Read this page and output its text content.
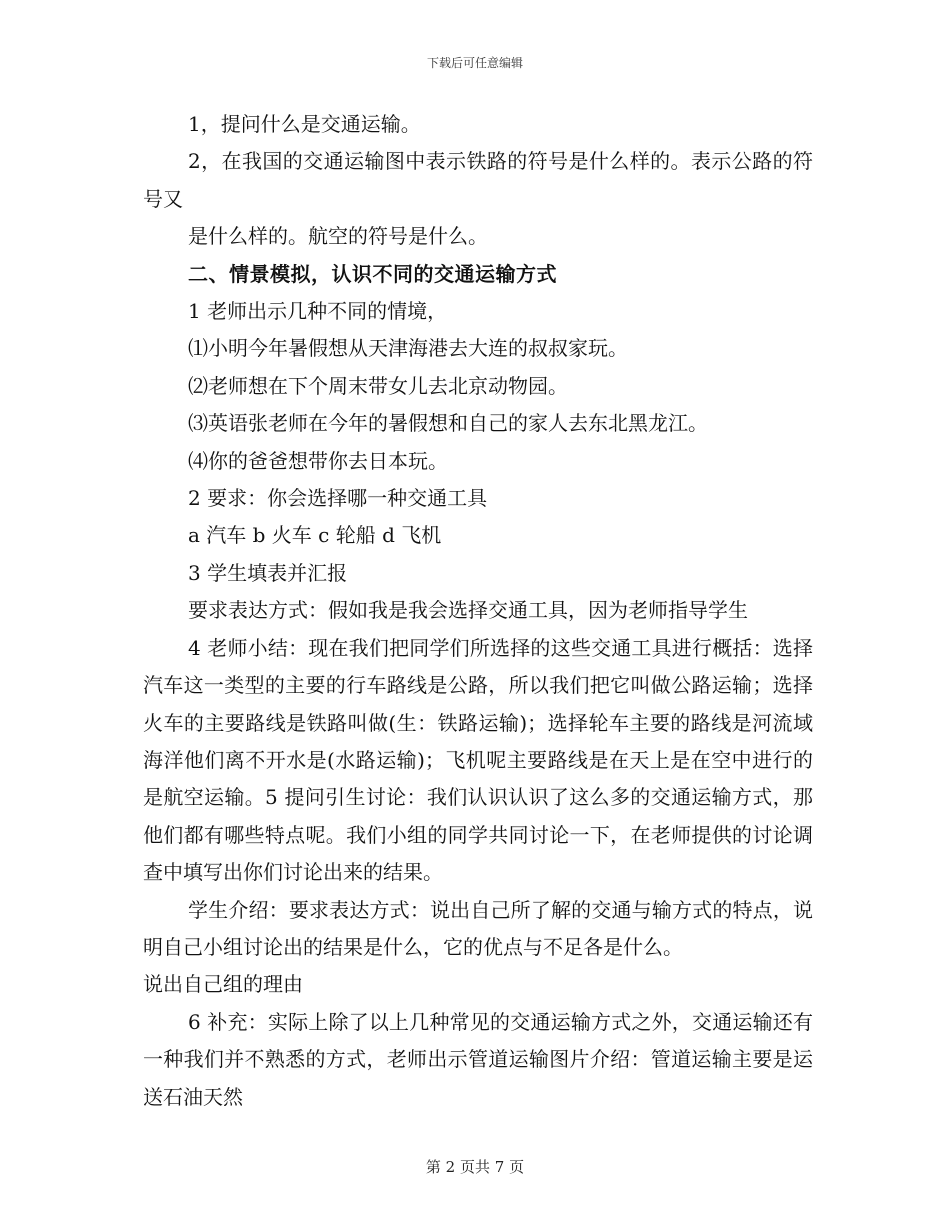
下载后可任意编辑

1，提问什么是交通运输。

2，在我国的交通运输图中表示铁路的符号是什么样的。表示公路的符号又

是什么样的。航空的符号是什么。

二、情景模拟，认识不同的交通运输方式

1 老师出示几种不同的情境，

⑴小明今年暑假想从天津海港去大连的叔叔家玩。

⑵老师想在下个周末带女儿去北京动物园。

⑶英语张老师在今年的暑假想和自己的家人去东北黑龙江。

⑷你的爸爸想带你去日本玩。

2 要求：你会选择哪一种交通工具

a 汽车 b 火车 c 轮船 d 飞机

3 学生填表并汇报

要求表达方式：假如我是我会选择交通工具，因为老师指导学生

4 老师小结：现在我们把同学们所选择的这些交通工具进行概括：选择汽车这一类型的主要的行车路线是公路，所以我们把它叫做公路运输；选择火车的主要路线是铁路叫做(生：铁路运输)；选择轮车主要的路线是河流域海洋他们离不开水是(水路运输)；飞机呢主要路线是在天上是在空中进行的是航空运输。5 提问引生讨论：我们认识认识了这么多的交通运输方式，那他们都有哪些特点呢。我们小组的同学共同讨论一下，在老师提供的讨论调查中填写出你们讨论出来的结果。

学生介绍：要求表达方式：说出自己所了解的交通与输方式的特点，说明自己小组讨论出的结果是什么，它的优点与不足各是什么。

说出自己组的理由

6 补充：实际上除了以上几种常见的交通运输方式之外，交通运输还有一种我们并不熟悉的方式，老师出示管道运输图片介绍：管道运输主要是运送石油天然

第 2 页共 7 页
